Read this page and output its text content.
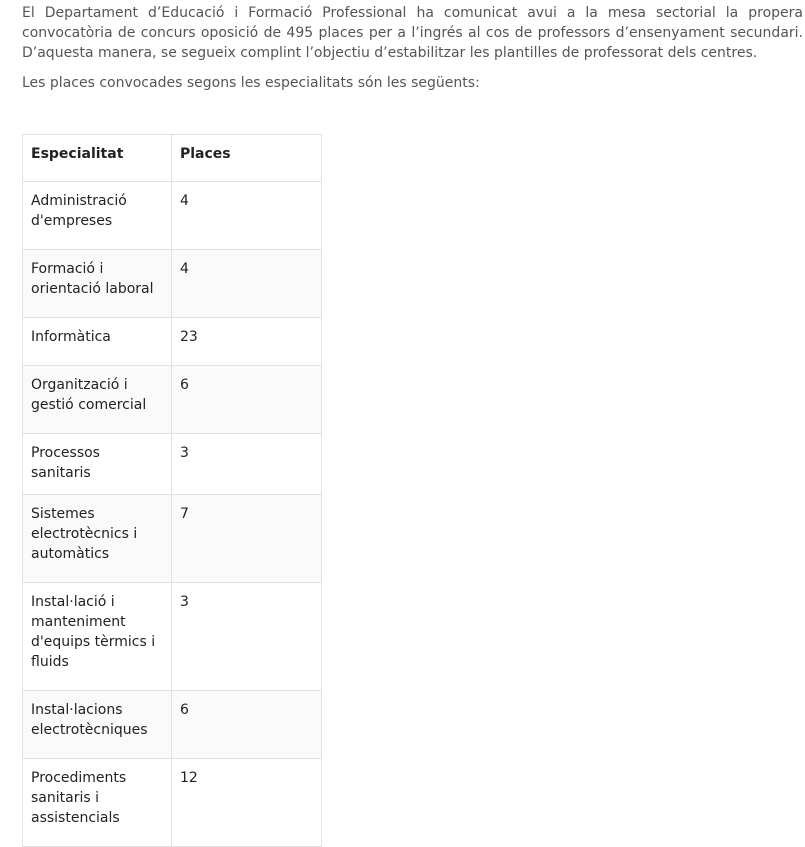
El Departament d’Educació i Formació Professional ha comunicat avui a la mesa sectorial la propera convocatòria de concurs oposició de 495 places per a l’ingrés al cos de professors d’ensenyament secundari. D’aquesta manera, se segueix complint l’objectiu d’estabilitzar les plantilles de professorat dels centres.

Les places convocades segons les especialitats són les següents:

Especialitat	Places
Administració d'empreses	4
Formació i orientació laboral	4
Informàtica	23
Organització i gestió comercial	6
Processos sanitaris	3
Sistemes electrotècnics i automàtics	7
Instal·lació i manteniment d'equips tèrmics i fluids	3
Instal·lacions electrotècniques	6
Procediments sanitaris i assistencials	12
